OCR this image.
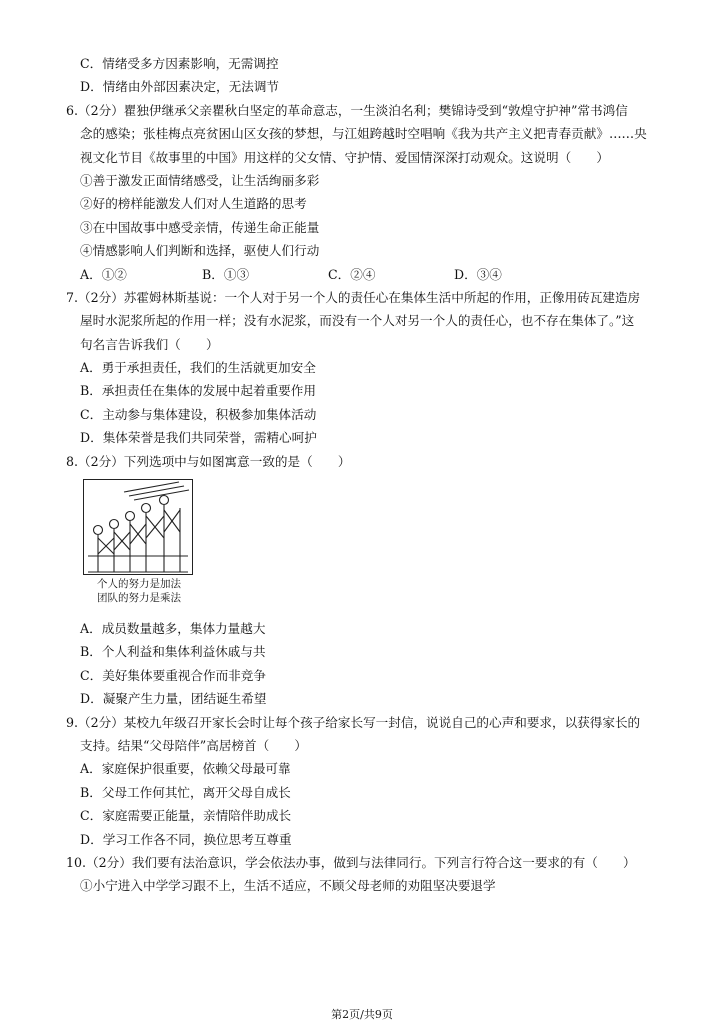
C．情绪受多方因素影响，无需调控
D．情绪由外部因素决定，无法调节
6.（2分）瞿独伊继承父亲瞿秋白坚定的革命意志，一生淡泊名利；樊锦诗受到“敦煌守护神”常书鸿信
念的感染；张桂梅点亮贫困山区女孩的梦想，与江姐跨越时空唱响《我为共产主义把青春贡献》……央
视文化节目《故事里的中国》用这样的父女情、守护情、爱国情深深打动观众。这说明（　　）
①善于激发正面情绪感受，让生活绚丽多彩
②好的榜样能激发人们对人生道路的思考
③在中国故事中感受亲情，传递生命正能量
④情感影响人们判断和选择，驱使人们行动
A．①②	B．①③	C．②④	D．③④
7.（2分）苏霍姆林斯基说：一个人对于另一个人的责任心在集体生活中所起的作用，正像用砖瓦建造房
屋时水泥浆所起的作用一样；没有水泥浆，而没有一个人对另一个人的责任心，也不存在集体了。”这
句名言告诉我们（　　）
A．勇于承担责任，我们的生活就更加安全
B．承担责任在集体的发展中起着重要作用
C．主动参与集体建设，积极参加集体活动
D．集体荣誉是我们共同荣誉，需精心呵护
8.（2分）下列选项中与如图寓意一致的是（　　）
个人的努力是加法
团队的努力是乘法
A．成员数量越多，集体力量越大
B．个人利益和集体利益休戚与共
C．美好集体要重视合作而非竞争
D．凝聚产生力量，团结诞生希望
9.（2分）某校九年级召开家长会时让每个孩子给家长写一封信，说说自己的心声和要求，以获得家长的
支持。结果“父母陪伴”高居榜首（　　）
A．家庭保护很重要，依赖父母最可靠
B．父母工作何其忙，离开父母自成长
C．家庭需要正能量，亲情陪伴助成长
D．学习工作各不同，换位思考互尊重
10.（2分）我们要有法治意识，学会依法办事，做到与法律同行。下列言行符合这一要求的有（　　）
①小宁进入中学学习跟不上，生活不适应，不顾父母老师的劝阻坚决要退学
第2页/共9页
